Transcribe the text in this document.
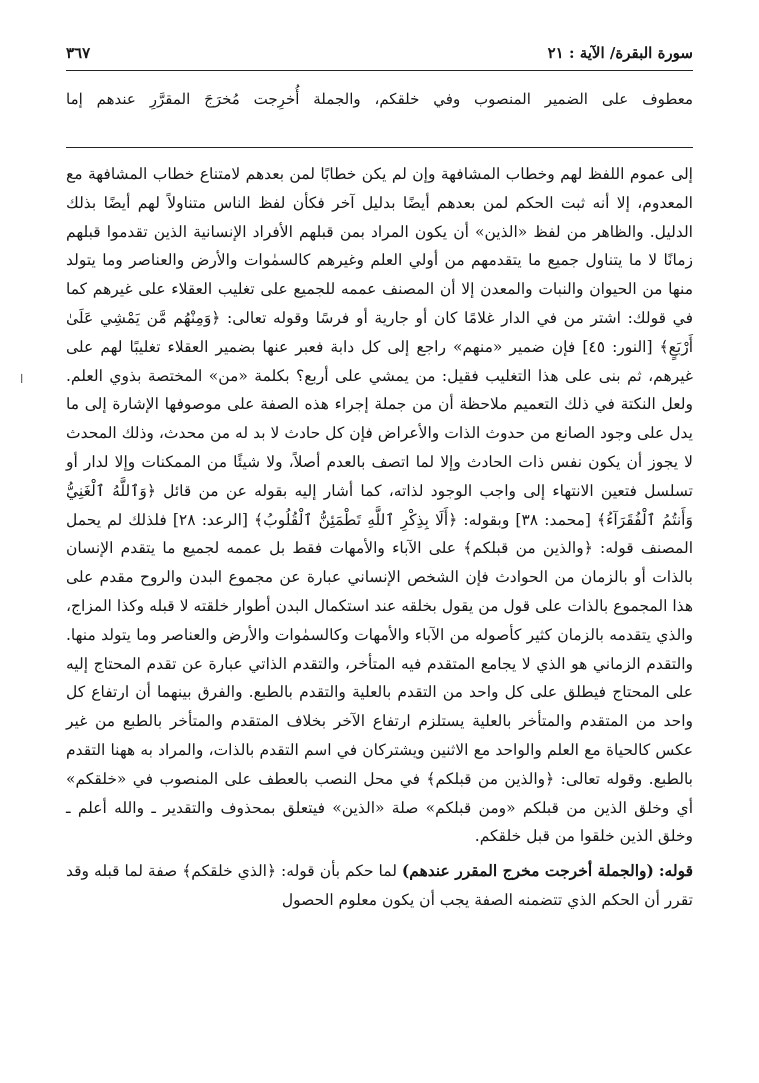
سورة البقرة/ الآية : ٢١
٣٦٧
معطوف على الضمير المنصوب وفي خلقكم، والجملة أُخرِجت مُخرَجَ المقرَّرِ عندهم إما

إلى عموم اللفظ لهم وخطاب المشافهة وإن لم يكن خطابًا لمن بعدهم لامتناع خطاب المشافهة مع المعدوم، إلا أنه ثبت الحكم لمن بعدهم أيضًا بدليل آخر فكأن لفظ الناس متناولاً لهم أيضًا بذلك الدليل. والظاهر من لفظ «الذين» أن يكون المراد بمن قبلهم الأفراد الإنسانية الذين تقدموا قبلهم زمانًا لا ما يتناول جميع ما يتقدمهم من أولي العلم وغيرهم كالسمٰوات والأرض والعناصر وما يتولد منها من الحيوان والنبات والمعدن إلا أن المصنف عممه للجميع على تغليب العقلاء على غيرهم كما في قولك: اشتر من في الدار غلامًا كان أو جارية أو فرسًا وقوله تعالى: ﴿وَمِنْهُم مَّن يَمْشِي عَلَىٰ أَرْبَعٍ﴾ [النور: ٤٥] فإن ضمير «منهم» راجع إلى كل دابة فعبر عنها بضمير العقلاء تغليبًا لهم على غيرهم، ثم بنى على هذا التغليب فقيل: من يمشي على أربع؟ بكلمة «من» المختصة بذوي العلم. ولعل النكتة في ذلك التعميم ملاحظة أن من جملة إجراء هذه الصفة على موصوفها الإشارة إلى ما يدل على وجود الصانع من حدوث الذات والأعراض فإن كل حادث لا بد له من محدث، وذلك المحدث لا يجوز أن يكون نفس ذات الحادث وإلا لما اتصف بالعدم أصلاً، ولا شيئًا من الممكنات وإلا لدار أو تسلسل فتعين الانتهاء إلى واجب الوجود لذاته، كما أشار إليه بقوله عن من قائل ﴿وَٱللَّهُ ٱلْغَنِيُّ وَأَنتُمُ ٱلْفُقَرَآءُ﴾ [محمد: ٣٨] وبقوله: ﴿أَلَا بِذِكْرِ ٱللَّهِ تَطْمَئِنُّ ٱلْقُلُوبُ﴾ [الرعد: ٢٨] فلذلك لم يحمل المصنف قوله: ﴿والذين من قبلكم﴾ على الآباء والأمهات فقط بل عممه لجميع ما يتقدم الإنسان بالذات أو بالزمان من الحوادث فإن الشخص الإنساني عبارة عن مجموع البدن والروح مقدم على هذا المجموع بالذات على قول من يقول بخلقه عند استكمال البدن أطوار خلقته لا قبله وكذا المزاج، والذي يتقدمه بالزمان كثير كأصوله من الآباء والأمهات وكالسمٰوات والأرض والعناصر وما يتولد منها. والتقدم الزماني هو الذي لا يجامع المتقدم فيه المتأخر، والتقدم الذاتي عبارة عن تقدم المحتاج إليه على المحتاج فيطلق على كل واحد من التقدم بالعلية والتقدم بالطبع. والفرق بينهما أن ارتفاع كل واحد من المتقدم والمتأخر بالعلية يستلزم ارتفاع الآخر بخلاف المتقدم والمتأخر بالطبع من غير عكس كالحياة مع العلم والواحد مع الاثنين ويشتركان في اسم التقدم بالذات، والمراد به ههنا التقدم بالطبع. وقوله تعالى: ﴿والذين من قبلكم﴾ في محل النصب بالعطف على المنصوب في «خلقكم» أي وخلق الذين من قبلكم «ومن قبلكم» صلة «الذين» فيتعلق بمحذوف والتقدير ـ والله أعلم ـ وخلق الذين خلقوا من قبل خلقكم.

قوله: (والجملة أخرجت مخرج المقرر عندهم) لما حكم بأن قوله: ﴿الذي خلقكم﴾ صفة لما قبله وقد تقرر أن الحكم الذي تتضمنه الصفة يجب أن يكون معلوم الحصول

ا
